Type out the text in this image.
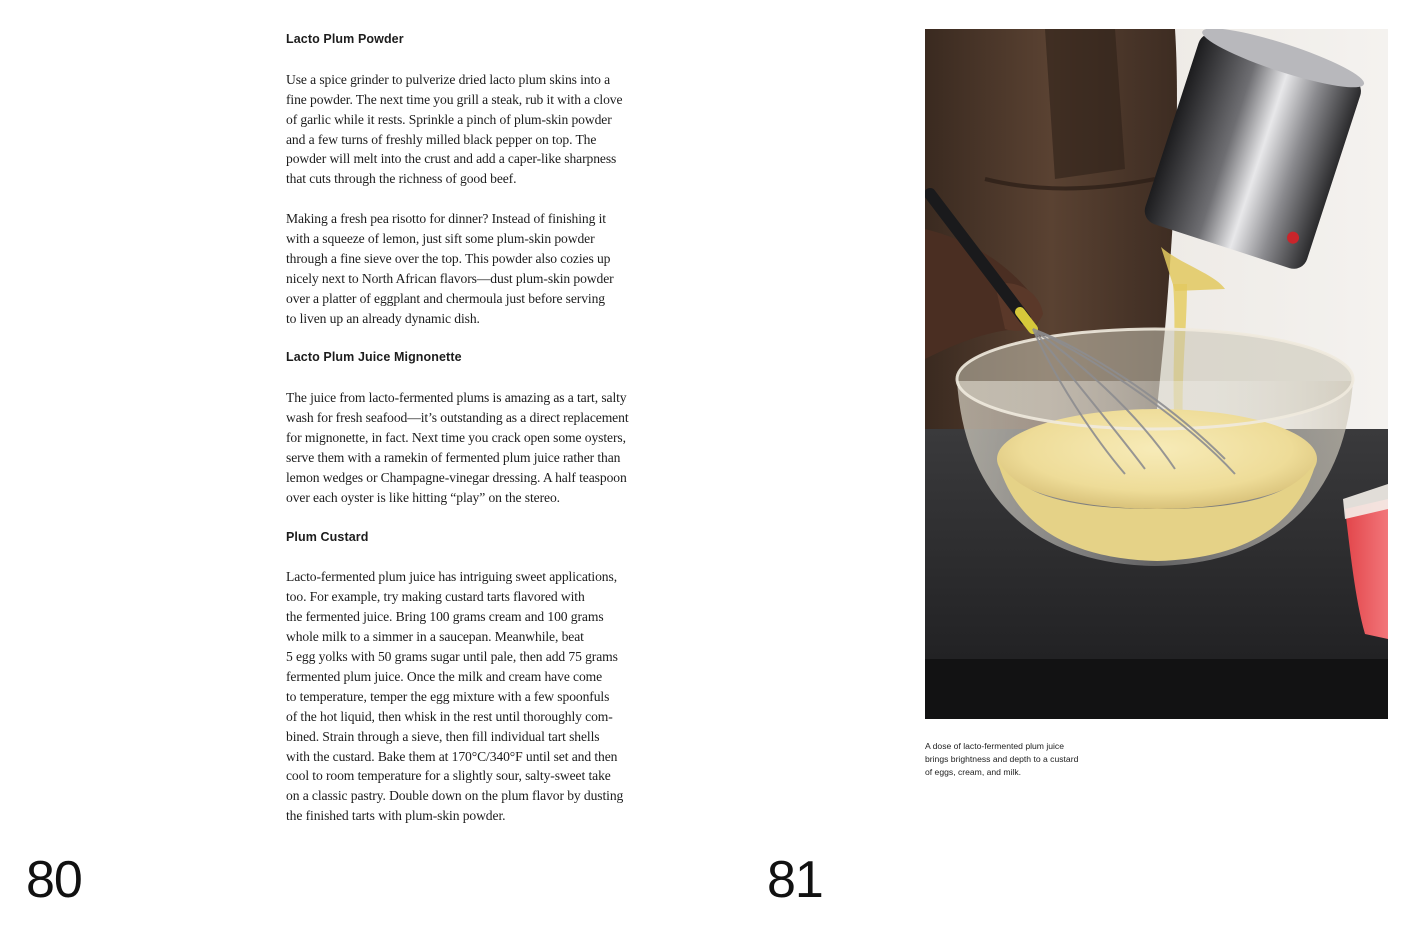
Lacto Plum Powder

Use a spice grinder to pulverize dried lacto plum skins into a
fine powder. The next time you grill a steak, rub it with a clove
of garlic while it rests. Sprinkle a pinch of plum-skin powder
and a few turns of freshly milled black pepper on top. The
powder will melt into the crust and add a caper-like sharpness
that cuts through the richness of good beef.

Making a fresh pea risotto for dinner? Instead of finishing it
with a squeeze of lemon, just sift some plum-skin powder
through a fine sieve over the top. This powder also cozies up
nicely next to North African flavors—dust plum-skin powder
over a platter of eggplant and chermoula just before serving
to liven up an already dynamic dish.

Lacto Plum Juice Mignonette

The juice from lacto-fermented plums is amazing as a tart, salty
wash for fresh seafood—it’s outstanding as a direct replacement
for mignonette, in fact. Next time you crack open some oysters,
serve them with a ramekin of fermented plum juice rather than
lemon wedges or Champagne-vinegar dressing. A half teaspoon
over each oyster is like hitting “play” on the stereo.

Plum Custard

Lacto-fermented plum juice has intriguing sweet applications,
too. For example, try making custard tarts flavored with
the fermented juice. Bring 100 grams cream and 100 grams
whole milk to a simmer in a saucepan. Meanwhile, beat
5 egg yolks with 50 grams sugar until pale, then add 75 grams
fermented plum juice. Once the milk and cream have come
to temperature, temper the egg mixture with a few spoonfuls
of the hot liquid, then whisk in the rest until thoroughly com-
bined. Strain through a sieve, then fill individual tart shells
with the custard. Bake them at 170°C/340°F until set and then
cool to room temperature for a slightly sour, salty-sweet take
on a classic pastry. Double down on the plum flavor by dusting
the finished tarts with plum-skin powder.

80	81
A dose of lacto-fermented plum juice
brings brightness and depth to a custard
of eggs, cream, and milk.
